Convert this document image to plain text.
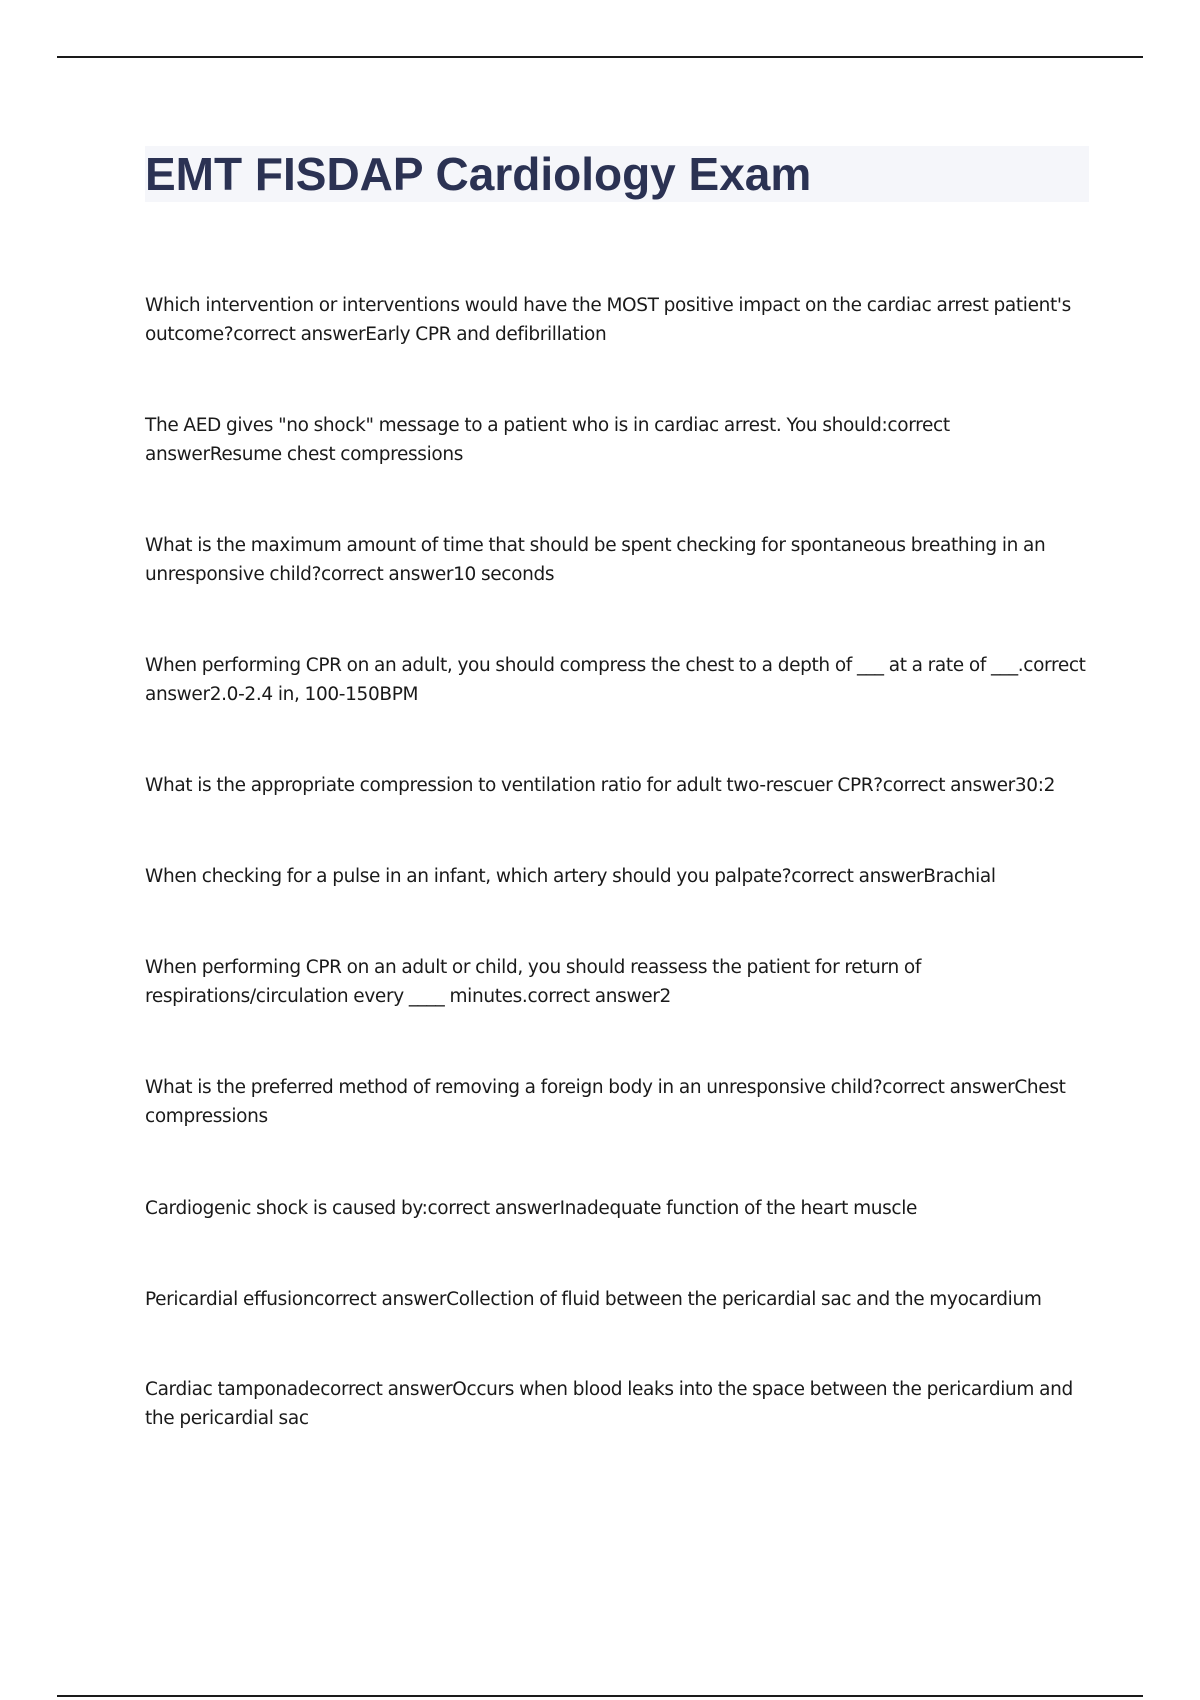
EMT FISDAP Cardiology Exam

Which intervention or interventions would have the MOST positive impact on the cardiac arrest patient's outcome?correct answerEarly CPR and defibrillation

The AED gives "no shock" message to a patient who is in cardiac arrest. You should:correct answerResume chest compressions

What is the maximum amount of time that should be spent checking for spontaneous breathing in an unresponsive child?correct answer10 seconds

When performing CPR on an adult, you should compress the chest to a depth of ___ at a rate of ___.correct answer2.0-2.4 in, 100-150BPM

What is the appropriate compression to ventilation ratio for adult two-rescuer CPR?correct answer30:2

When checking for a pulse in an infant, which artery should you palpate?correct answerBrachial

When performing CPR on an adult or child, you should reassess the patient for return of respirations/circulation every ____ minutes.correct answer2

What is the preferred method of removing a foreign body in an unresponsive child?correct answerChest compressions

Cardiogenic shock is caused by:correct answerInadequate function of the heart muscle

Pericardial effusioncorrect answerCollection of fluid between the pericardial sac and the myocardium

Cardiac tamponadecorrect answerOccurs when blood leaks into the space between the pericardium and the pericardial sac
